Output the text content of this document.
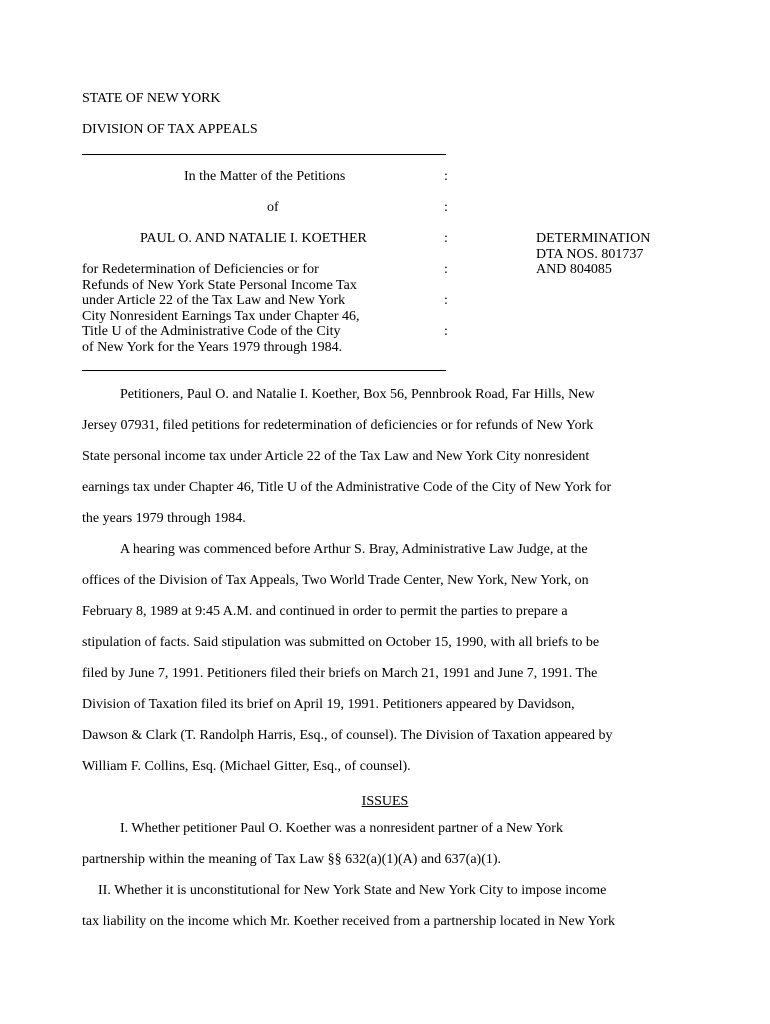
STATE OF NEW YORK
DIVISION OF TAX APPEALS
In the Matter of the Petitions
of
PAUL O. AND NATALIE I. KOETHER
for Redetermination of Deficiencies or for
Refunds of New York State Personal Income Tax
under Article 22 of the Tax Law and New York
City Nonresident Earnings Tax under Chapter 46,
Title U of the Administrative Code of the City
of New York for the Years 1979 through 1984.
:
:
:
:
:
:
DETERMINATION
DTA NOS. 801737
AND 804085
Petitioners, Paul O. and Natalie I. Koether, Box 56, Pennbrook Road, Far Hills, New
Jersey 07931, filed petitions for redetermination of deficiencies or for refunds of New York
State personal income tax under Article 22 of the Tax Law and New York City nonresident
earnings tax under Chapter 46, Title U of the Administrative Code of the City of New York for
the years 1979 through 1984.
A hearing was commenced before Arthur S. Bray, Administrative Law Judge, at the
offices of the Division of Tax Appeals, Two World Trade Center, New York, New York, on
February 8, 1989 at 9:45 A.M. and continued in order to permit the parties to prepare a
stipulation of facts. Said stipulation was submitted on October 15, 1990, with all briefs to be
filed by June 7, 1991. Petitioners filed their briefs on March 21, 1991 and June 7, 1991. The
Division of Taxation filed its brief on April 19, 1991. Petitioners appeared by Davidson,
Dawson & Clark (T. Randolph Harris, Esq., of counsel). The Division of Taxation appeared by
William F. Collins, Esq. (Michael Gitter, Esq., of counsel).
ISSUES
I. Whether petitioner Paul O. Koether was a nonresident partner of a New York
partnership within the meaning of Tax Law §§ 632(a)(1)(A) and 637(a)(1).
II. Whether it is unconstitutional for New York State and New York City to impose income
tax liability on the income which Mr. Koether received from a partnership located in New York
